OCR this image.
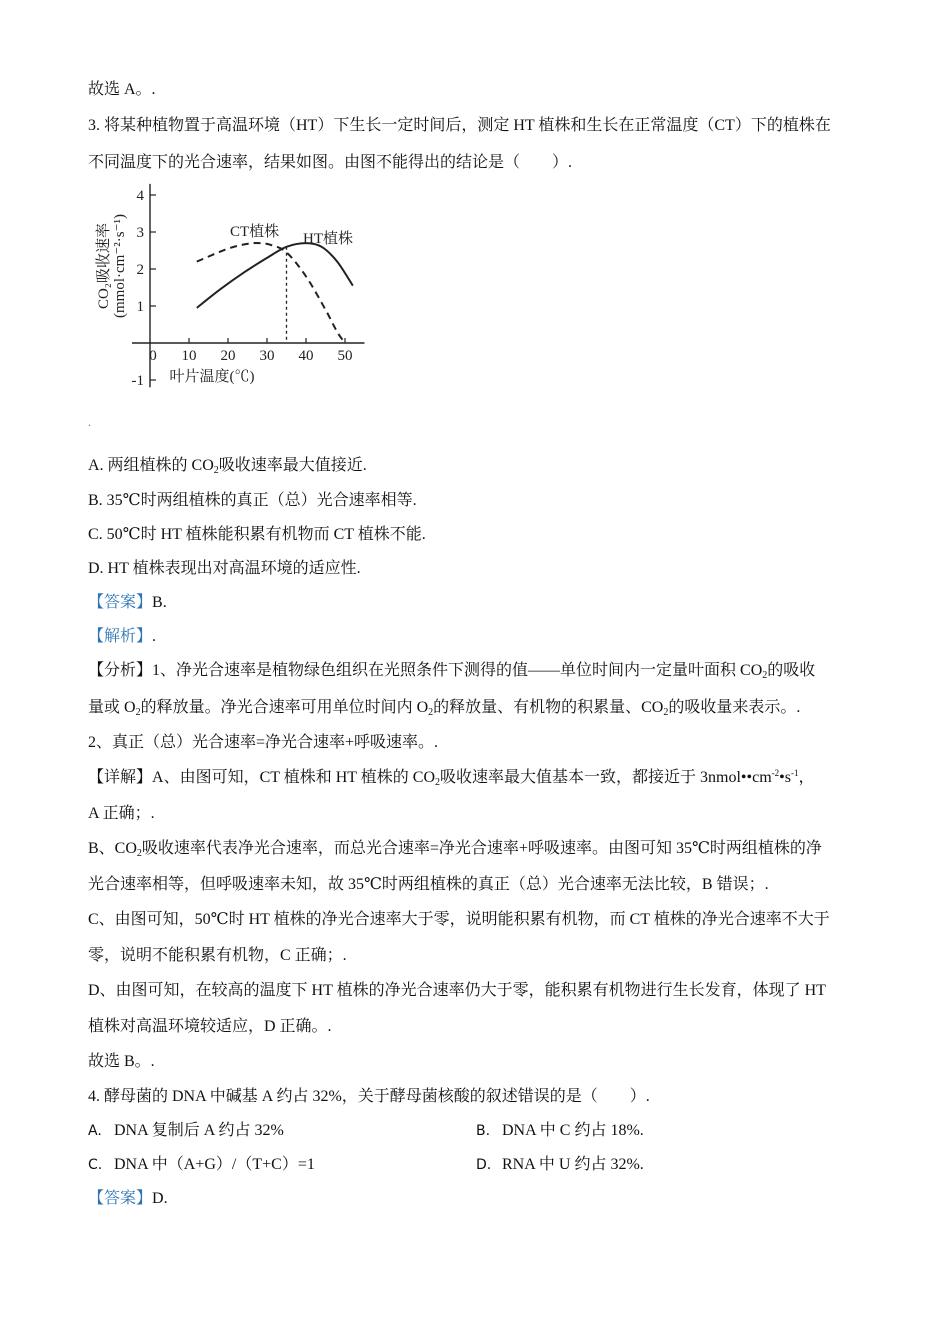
故选 A。.
3. 将某种植物置于高温环境（HT）下生长一定时间后，测定 HT 植株和生长在正常温度（CT）下的植株在
不同温度下的光合速率，结果如图。由图不能得出的结论是（　　）.
4
3
2
1
-1
0 10 20 30 40 50
CT植株 HT植株
叶片温度(℃)
CO₂吸收速率 (mmol·cm⁻²·s⁻¹)
.
A. 两组植株的 $CO_2$吸收速率最大值接近.
B. 35℃时两组植株的真正（总）光合速率相等.
C. 50℃时 HT 植株能积累有机物而 CT 植株不能.
D. HT 植株表现出对高温环境的适应性.
【答案】B.
【解析】.
【分析】1、净光合速率是植物绿色组织在光照条件下测得的值——单位时间内一定量叶面积 $CO_2$的吸收
量或 $O_2$的释放量。净光合速率可用单位时间内 $O_2$的释放量、有机物的积累量、$CO_2$的吸收量来表示。.
2、真正（总）光合速率=净光合速率+呼吸速率。.
【详解】A、由图可知，CT 植株和 HT 植株的 $CO_2$吸收速率最大值基本一致，都接近于 $3nmol••cm^{-2}•s^{-1}$，
A 正确；.
B、$CO_2$吸收速率代表净光合速率，而总光合速率=净光合速率+呼吸速率。由图可知 35℃时两组植株的净
光合速率相等，但呼吸速率未知，故 35℃时两组植株的真正（总）光合速率无法比较，B 错误；.
C、由图可知，50℃时 HT 植株的净光合速率大于零，说明能积累有机物，而 CT 植株的净光合速率不大于
零，说明不能积累有机物，C 正确；.
D、由图可知，在较高的温度下 HT 植株的净光合速率仍大于零，能积累有机物进行生长发育，体现了 HT
植株对高温环境较适应，D 正确。.
故选 B。.
4. 酵母菌的 DNA 中碱基 A 约占 32%，关于酵母菌核酸的叙述错误的是（　　）.
A. DNA 复制后 A 约占 32%	B. DNA 中 C 约占 18%.
C. DNA 中（A+G）/（T+C）=1	D. RNA 中 U 约占 32%.
【答案】D.
